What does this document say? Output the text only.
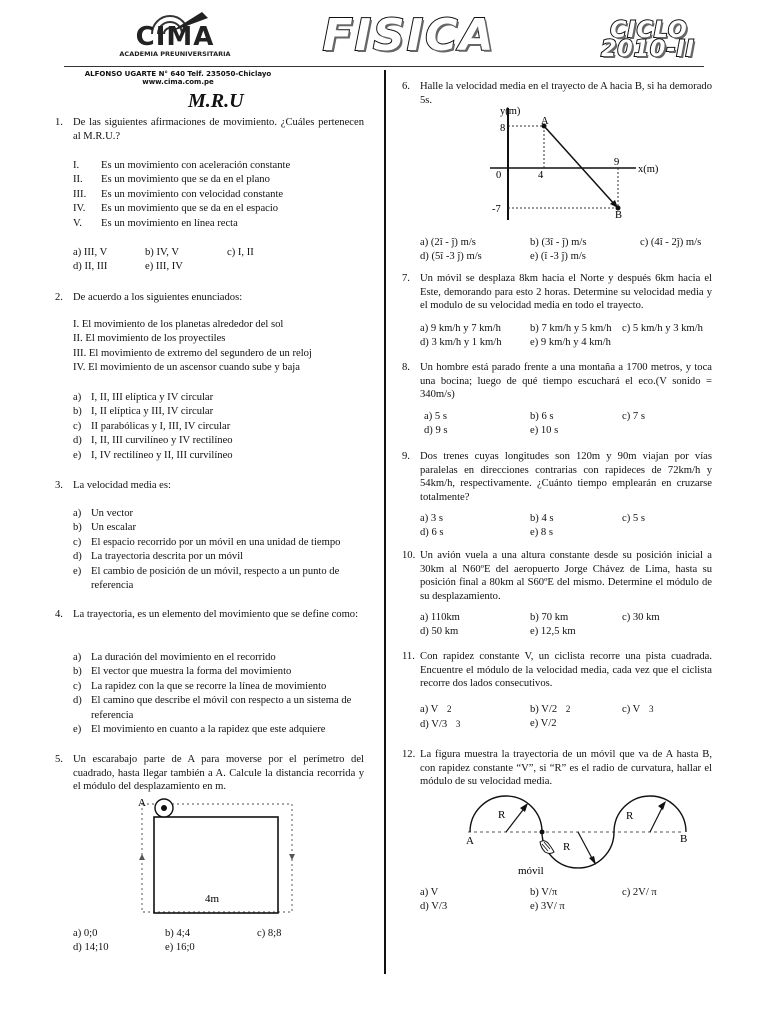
CIMA
ACADEMIA PREUNIVERSITARIA
ALFONSO UGARTE N° 640 Telf. 235050-Chiclayo
www.cima.com.pe
FISICA	CICLO
2010-II
M.R.U
1. De las siguientes afirmaciones de movimiento. ¿Cuáles pertenecen al M.R.U.?
I.	Es un movimiento con aceleración constante
II.	Es un movimiento que se da en el plano
III.	Es un movimiento con velocidad constante
IV.	Es un movimiento que se da en el espacio
V.	Es un movimiento en línea recta
a) III, V	b) IV, V	c) I, II
d) II, III	e) III, IV
2. De acuerdo a los siguientes enunciados:
I. El movimiento de los planetas alrededor del sol
II. El movimiento de los proyectiles
III. El movimiento de extremo del segundero de un reloj
IV. El movimiento de un ascensor cuando sube y baja
a) I, II, III elíptica y IV circular
b) I, II elíptica y III, IV circular
c) II parabólicas y I, III, IV circular
d) I, II, III curvilíneo y IV rectilíneo
e) I, IV rectilíneo y II, III curvilíneo
3. La velocidad media es:
a) Un vector
b) Un escalar
c) El espacio recorrido por un móvil en una unidad de tiempo
d) La trayectoria descrita por un móvil
e) El cambio de posición de un móvil, respecto a un punto de referencia
4. La trayectoria, es un elemento del movimiento que se define como:
a) La duración del movimiento en el recorrido
b) El vector que muestra la forma del movimiento
c) La rapidez con la que se recorre la línea de movimiento
d) El camino que describe el móvil con respecto a un sistema de referencia
e) El movimiento en cuanto a la rapidez que este adquiere
5. Un escarabajo parte de A para moverse por el perímetro del cuadrado, hasta llegar también a A. Calcule la distancia recorrida y el módulo del desplazamiento en m.
A
4m
a) 0;0	b) 4;4	c) 8;8
d) 14;10	e) 16;0
6. Halle la velocidad media en el trayecto de A hacia B, si ha demorado 5s.
y(m)
x(m)
A
B
8
-7
0	4
9
a) (2î - ĵ) m/s	b) (3î - ĵ) m/s	c) (4î - 2ĵ) m/s
d) (5î -3 ĵ) m/s	e) (î -3 ĵ) m/s
7. Un móvil se desplaza 8km hacia el Norte y después 6km hacia el Este, demorando para esto 2 horas. Determine su velocidad media y el modulo de su velocidad media en todo el trayecto.
a) 9 km/h y 7 km/h	b) 7 km/h y 5 km/h c) 5 km/h y 3 km/h
d) 3 km/h y 1 km/h	e) 9 km/h y 4 km/h
8. Un hombre está parado frente a una montaña a 1700 metros, y toca una bocina; luego de qué tiempo escuchará el eco.(V sonido = 340m/s)
a) 5 s	b) 6 s	c) 7 s
d) 9 s	e) 10 s
9. Dos trenes cuyas longitudes son 120m y 90m viajan por vías paralelas en direcciones contrarias con rapideces de 72km/h y 54km/h, respectivamente. ¿Cuánto tiempo emplearán en cruzarse totalmente?
a) 3 s	b) 4 s	c) 5 s
d) 6 s	e) 8 s
10. Un avión vuela a una altura constante desde su posición inicial a 30km al N60ºE del aeropuerto Jorge Chávez de Lima, hasta su posición final a 80km al S60ºE del mismo. Determine el módulo de su desplazamiento.
a) 110km	b) 70 km	c) 30 km
d) 50 km	e) 12,5 km
11. Con rapidez constante V, un ciclista recorre una pista cuadrada. Encuentre el módulo de la velocidad media, cada vez que el ciclista recorre dos lados consecutivos.
a) V 2	b) V/2 2	c) V 3
d) V/3 3	e) V/2
12. La figura muestra la trayectoria de un móvil que va de A hasta B, con rapidez constante “V”, si “R” es el radio de curvatura, hallar el módulo de su velocidad media.
A	B
R
R
R
móvil
a) V	b) V/π	c) 2V/ π
d) V/3	e) 3V/ π
